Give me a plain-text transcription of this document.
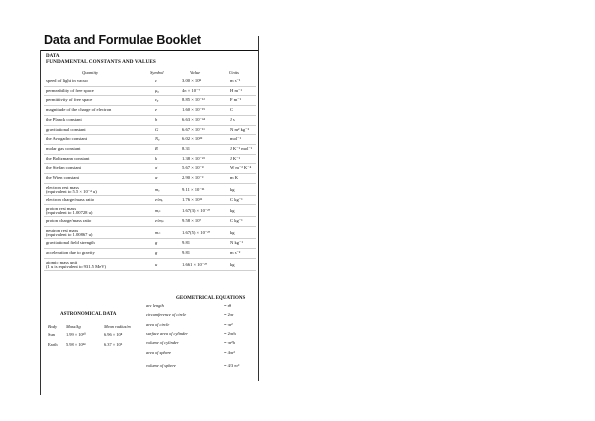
Data and Formulae Booklet
DATA
FUNDAMENTAL CONSTANTS AND VALUES
Quantity	Symbol	Value	Units
speed of light in vacuo	c	3.00 × 10⁸	m s⁻¹
permeability of free space	μ₀	4π × 10⁻⁷	H m⁻¹
permittivity of free space	ε₀	8.85 × 10⁻¹²	F m⁻¹
magnitude of the charge of electron	e	1.60 × 10⁻¹⁹	C
the Planck constant	h	6.63 × 10⁻³⁴	J s
gravitational constant	G	6.67 × 10⁻¹¹	N m² kg⁻²
the Avogadro constant	Nₐ	6.02 × 10²³	mol⁻¹
molar gas constant	R	8.31	J K⁻¹ mol⁻¹
the Boltzmann constant	k	1.38 × 10⁻²³	J K⁻¹
the Stefan constant	σ	5.67 × 10⁻⁸	W m⁻² K⁻⁴
the Wien constant	α	2.90 × 10⁻³	m K
electron rest mass
(equivalent to 5.5 × 10⁻⁴ u)	mₑ	9.11 × 10⁻³¹	kg
electron charge/mass ratio	e/mₑ	1.76 × 10¹¹	C kg⁻¹
proton rest mass
(equivalent to 1.00728 u)	mₚ	1.67(3) × 10⁻²⁷	kg
proton charge/mass ratio	e/mₚ	9.58 × 10⁷	C kg⁻¹
neutron rest mass
(equivalent to 1.00867 u)	mₙ	1.67(5) × 10⁻²⁷	kg
gravitational field strength	g	9.81	N kg⁻¹
acceleration due to gravity	g	9.81	m s⁻²
atomic mass unit
(1 u is equivalent to 931.5 MeV)	u	1.661 × 10⁻²⁷	kg
GEOMETRICAL EQUATIONS
arc length	= rθ
circumference of circle	= 2πr
area of circle	= πr²
surface area of cylinder	= 2πrh
volume of cylinder	= πr²h
area of sphere	= 4πr²
volume of sphere	= 4/3 πr³
ASTRONOMICAL DATA
Body Mass/kg	Mean radius/m
Sun	1.99 × 10³⁰	6.96 × 10⁸
Earth 5.98 × 10²⁴	6.37 × 10⁶
